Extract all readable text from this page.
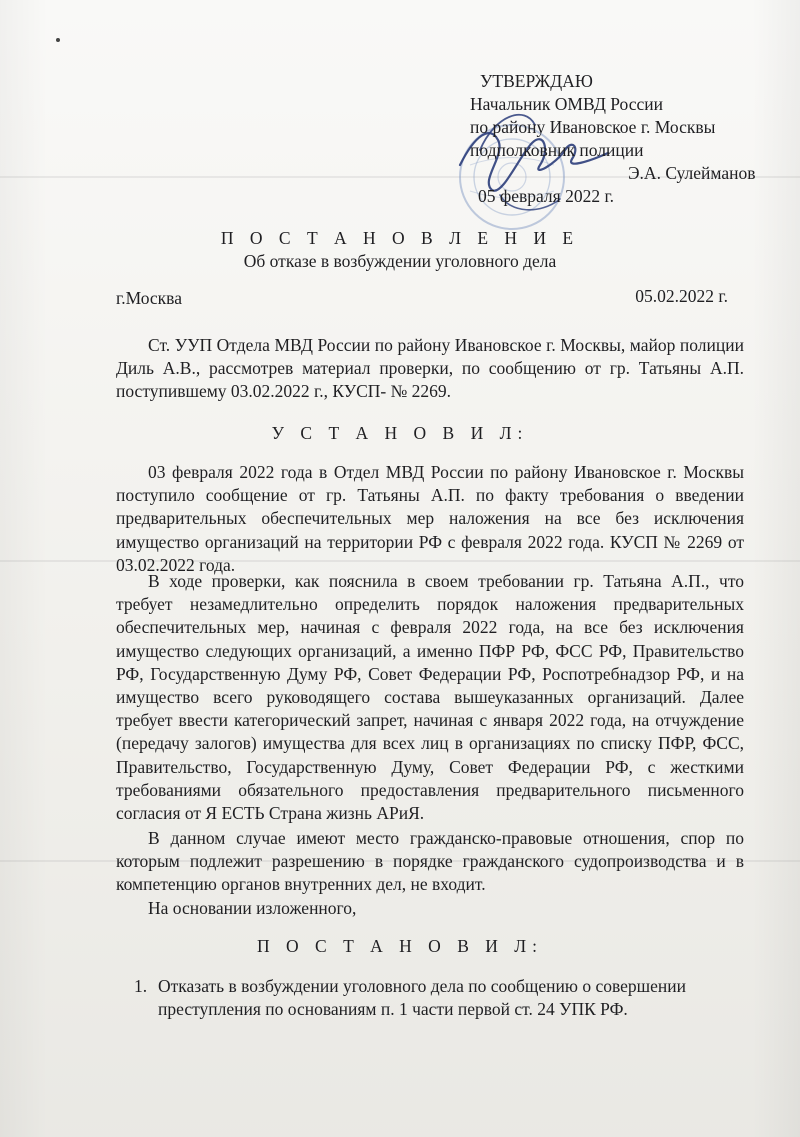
УТВЕРЖДАЮ
Начальник ОМВД России
по району Ивановское г. Москвы
подполковник полиции
Э.А. Сулейманов
05 февраля 2022 г.
П О С Т А Н О В Л Е Н И Е
Об отказе в возбуждении уголовного дела
г.Москва	05.02.2022 г.
Ст. УУП Отдела МВД России по району Ивановское г. Москвы, майор полиции Диль А.В., рассмотрев материал проверки, по сообщению от гр. Татьяны А.П. поступившему 03.02.2022 г., КУСП- № 2269.
У С Т А Н О В И Л:
03 февраля 2022 года в Отдел МВД России по району Ивановское г. Москвы поступило сообщение от гр. Татьяны А.П. по факту требования о введении предварительных обеспечительных мер наложения на все без исключения имущество организаций на территории РФ с февраля 2022 года. КУСП № 2269 от 03.02.2022 года.
В ходе проверки, как пояснила в своем требовании гр. Татьяна А.П., что требует незамедлительно определить порядок наложения предварительных обеспечительных мер, начиная с февраля 2022 года, на все без исключения имущество следующих организаций, а именно ПФР РФ, ФСС РФ, Правительство РФ, Государственную Думу РФ, Совет Федерации РФ, Роспотребнадзор РФ, и на имущество всего руководящего состава вышеуказанных организаций. Далее требует ввести категорический запрет, начиная с января 2022 года, на отчуждение (передачу залогов) имущества для всех лиц в организациях по списку ПФР, ФСС, Правительство, Государственную Думу, Совет Федерации РФ, с жесткими требованиями обязательного предоставления предварительного письменного согласия от Я ЕСТЬ Страна жизнь АРиЯ.
В данном случае имеют место гражданско-правовые отношения, спор по которым подлежит разрешению в порядке гражданского судопроизводства и в компетенцию органов внутренних дел, не входит.
На основании изложенного,
П О С Т А Н О В И Л:
1. Отказать в возбуждении уголовного дела по сообщению о совершении преступления по основаниям п. 1 части первой ст. 24 УПК РФ.
